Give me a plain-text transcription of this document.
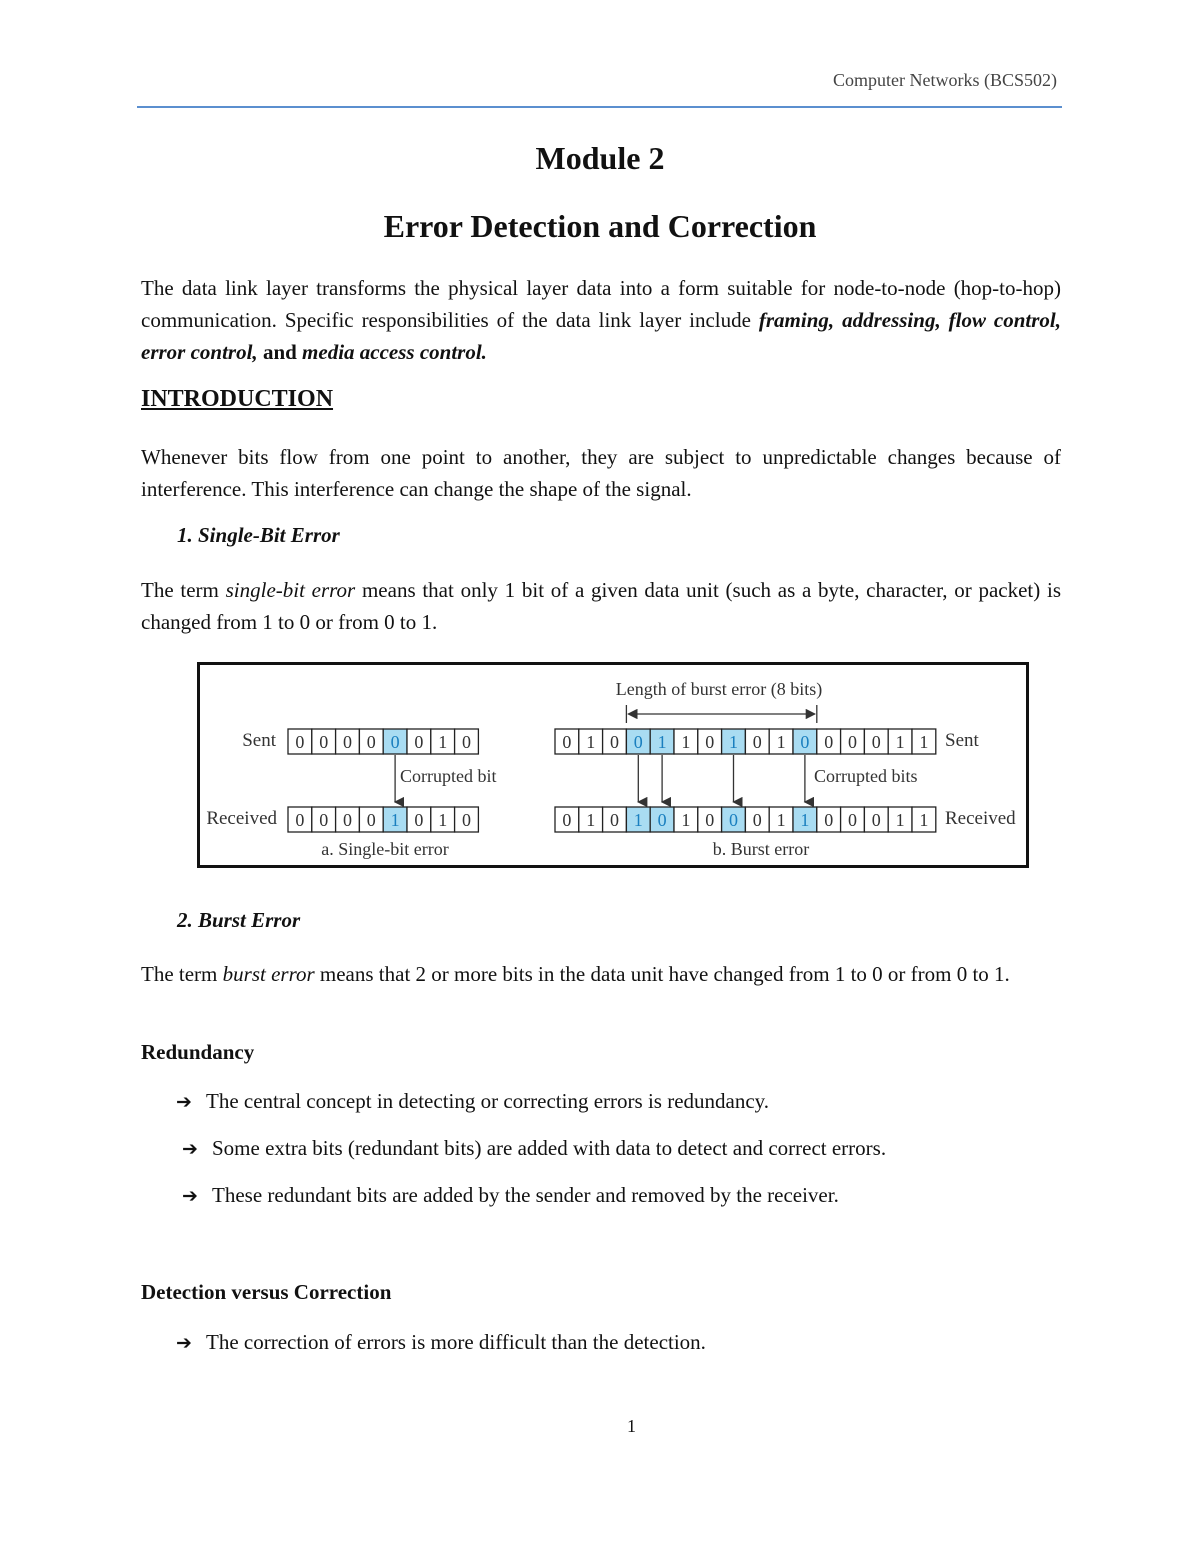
Computer Networks (BCS502)
Module 2
Error Detection and Correction

The data link layer transforms the physical layer data into a form suitable for node-to-node (hop-to-hop) communication. Specific responsibilities of the data link layer include framing, addressing, flow control, error control, and media access control.

INTRODUCTION

Whenever bits flow from one point to another, they are subject to unpredictable changes because of interference. This interference can change the shape of the signal.

1. Single-Bit Error

The term single-bit error means that only 1 bit of a given data unit (such as a byte, character, or packet) is changed from 1 to 0 or from 0 to 1.

0 0 0 0 0 0 1 0
0 0 0 0 1 0 1 0
0 1 0 0 1 1 0 1 0 1 0 0 0 0 1 1
0 1 0 1 0 1 0 0 0 1 1 0 0 0 1 1
Sent
Received
Corrupted bit
a. Single-bit error
Length of burst error (8 bits)
Sent
Received
Corrupted bits
b. Burst error

2. Burst Error

The term burst error means that 2 or more bits in the data unit have changed from 1 to 0 or from 0 to 1.

Redundancy

➔ The central concept in detecting or correcting errors is redundancy.

➔ Some extra bits (redundant bits) are added with data to detect and correct errors.

➔ These redundant bits are added by the sender and removed by the receiver.

Detection versus Correction

➔ The correction of errors is more difficult than the detection.

1
